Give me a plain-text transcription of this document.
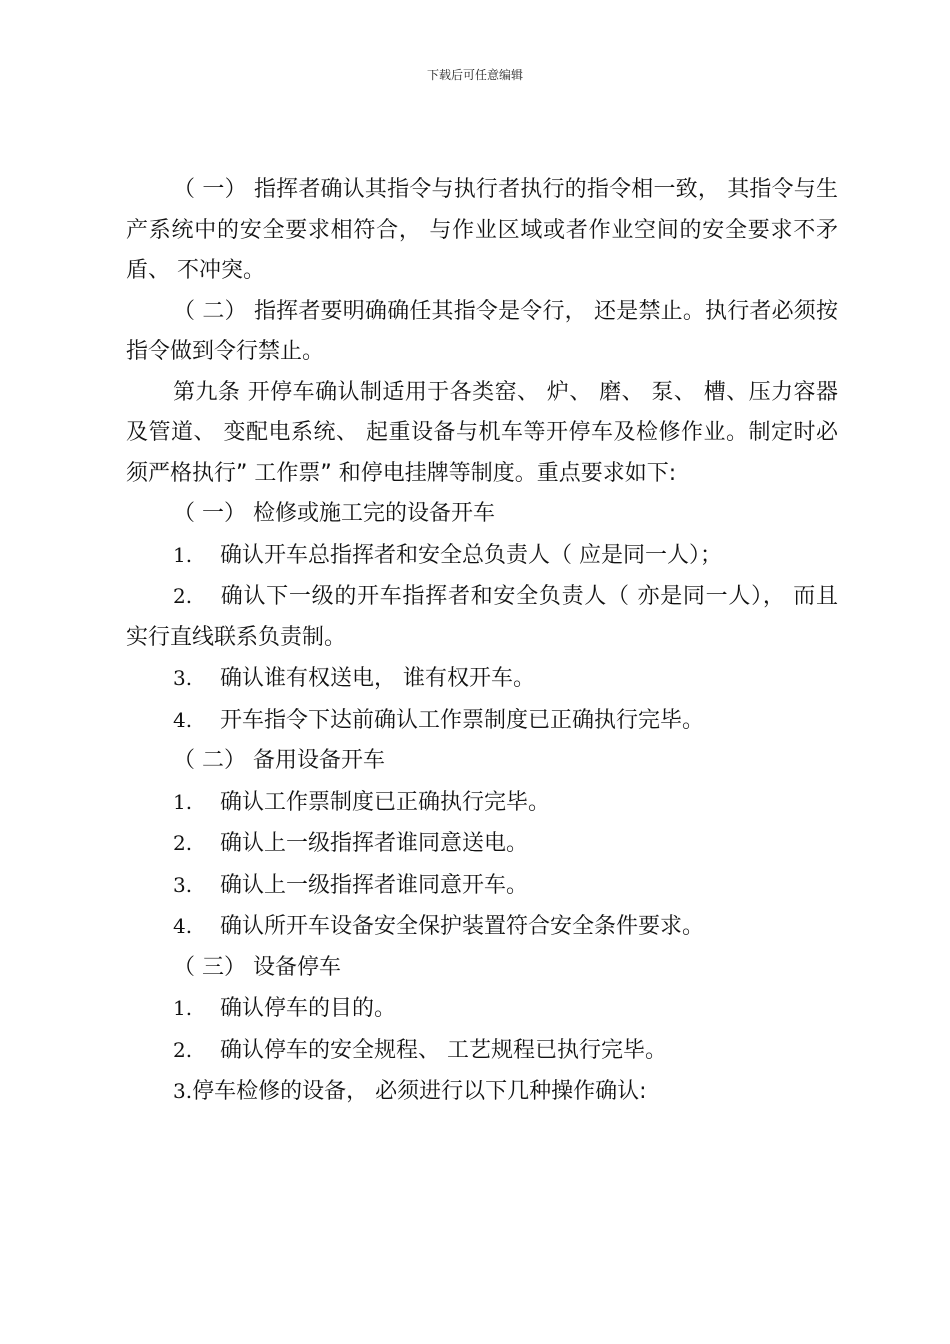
下载后可任意编辑

（ 一） 指挥者确认其指令与执行者执行的指令相一致， 其指令与生产系统中的安全要求相符合， 与作业区域或者作业空间的安全要求不矛盾、 不冲突。

（ 二） 指挥者要明确确任其指令是令行， 还是禁止。执行者必须按指令做到令行禁止。

第九条 开停车确认制适用于各类窑、 炉、 磨、 泵、 槽、压力容器及管道、 变配电系统、 起重设备与机车等开停车及检修作业。制定时必须严格执行” 工作票” 和停电挂牌等制度。重点要求如下:

（ 一） 检修或施工完的设备开车

1. 确认开车总指挥者和安全总负责人（ 应是同一人）；

2. 确认下一级的开车指挥者和安全负责人（ 亦是同一人）， 而且实行直线联系负责制。

3. 确认谁有权送电， 谁有权开车。

4. 开车指令下达前确认工作票制度已正确执行完毕。

（ 二） 备用设备开车

1. 确认工作票制度已正确执行完毕。

2. 确认上一级指挥者谁同意送电。

3. 确认上一级指挥者谁同意开车。

4. 确认所开车设备安全保护装置符合安全条件要求。

（ 三） 设备停车

1. 确认停车的目的。

2. 确认停车的安全规程、 工艺规程已执行完毕。

3.停车检修的设备， 必须进行以下几种操作确认:
